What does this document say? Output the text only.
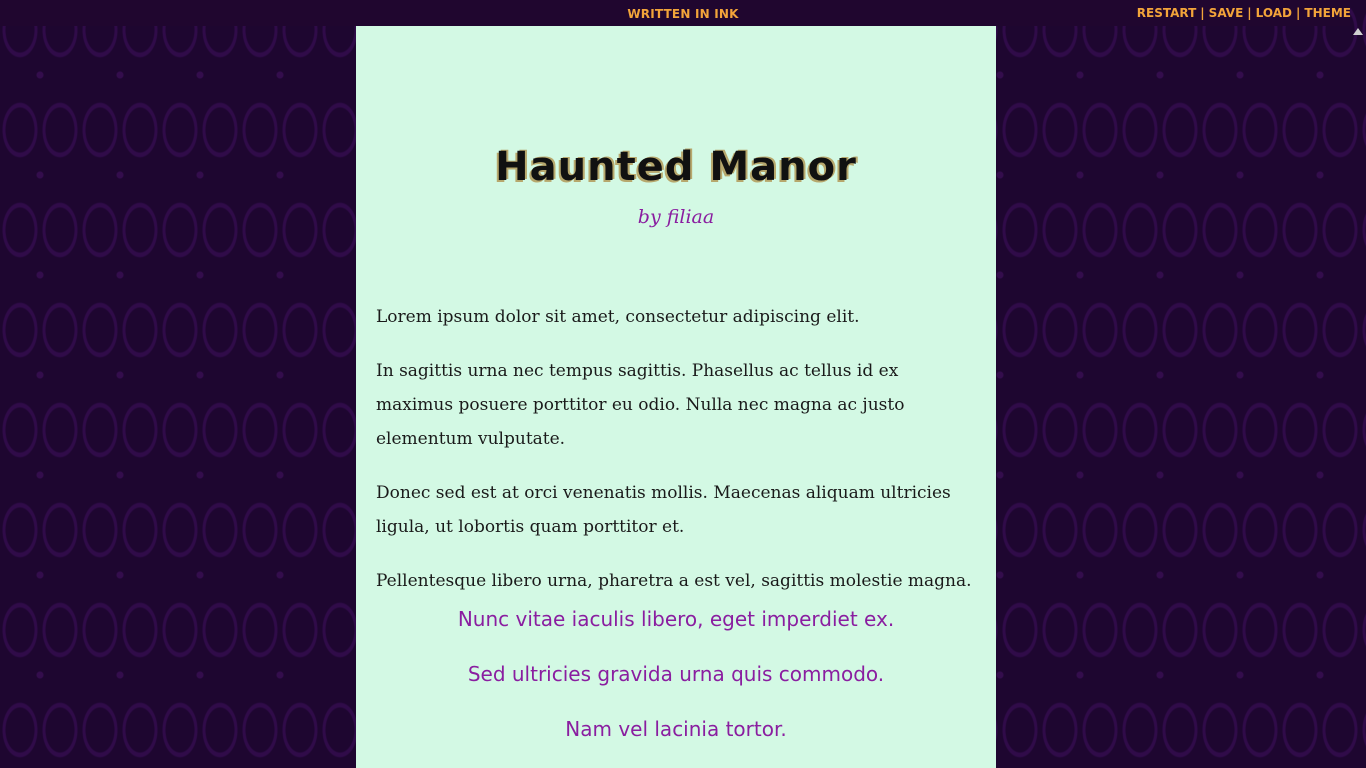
WRITTEN IN INK	RESTART | SAVE | LOAD | THEME
Haunted Manor
by filiaa

Lorem ipsum dolor sit amet, consectetur adipiscing elit.

In sagittis urna nec tempus sagittis. Phasellus ac tellus id ex maximus posuere porttitor eu odio. Nulla nec magna ac justo elementum vulputate.

Donec sed est at orci venenatis mollis. Maecenas aliquam ultricies ligula, ut lobortis quam porttitor et.

Pellentesque libero urna, pharetra a est vel, sagittis molestie magna.

Nunc vitae iaculis libero, eget imperdiet ex.
Sed ultricies gravida urna quis commodo.
Nam vel lacinia tortor.
